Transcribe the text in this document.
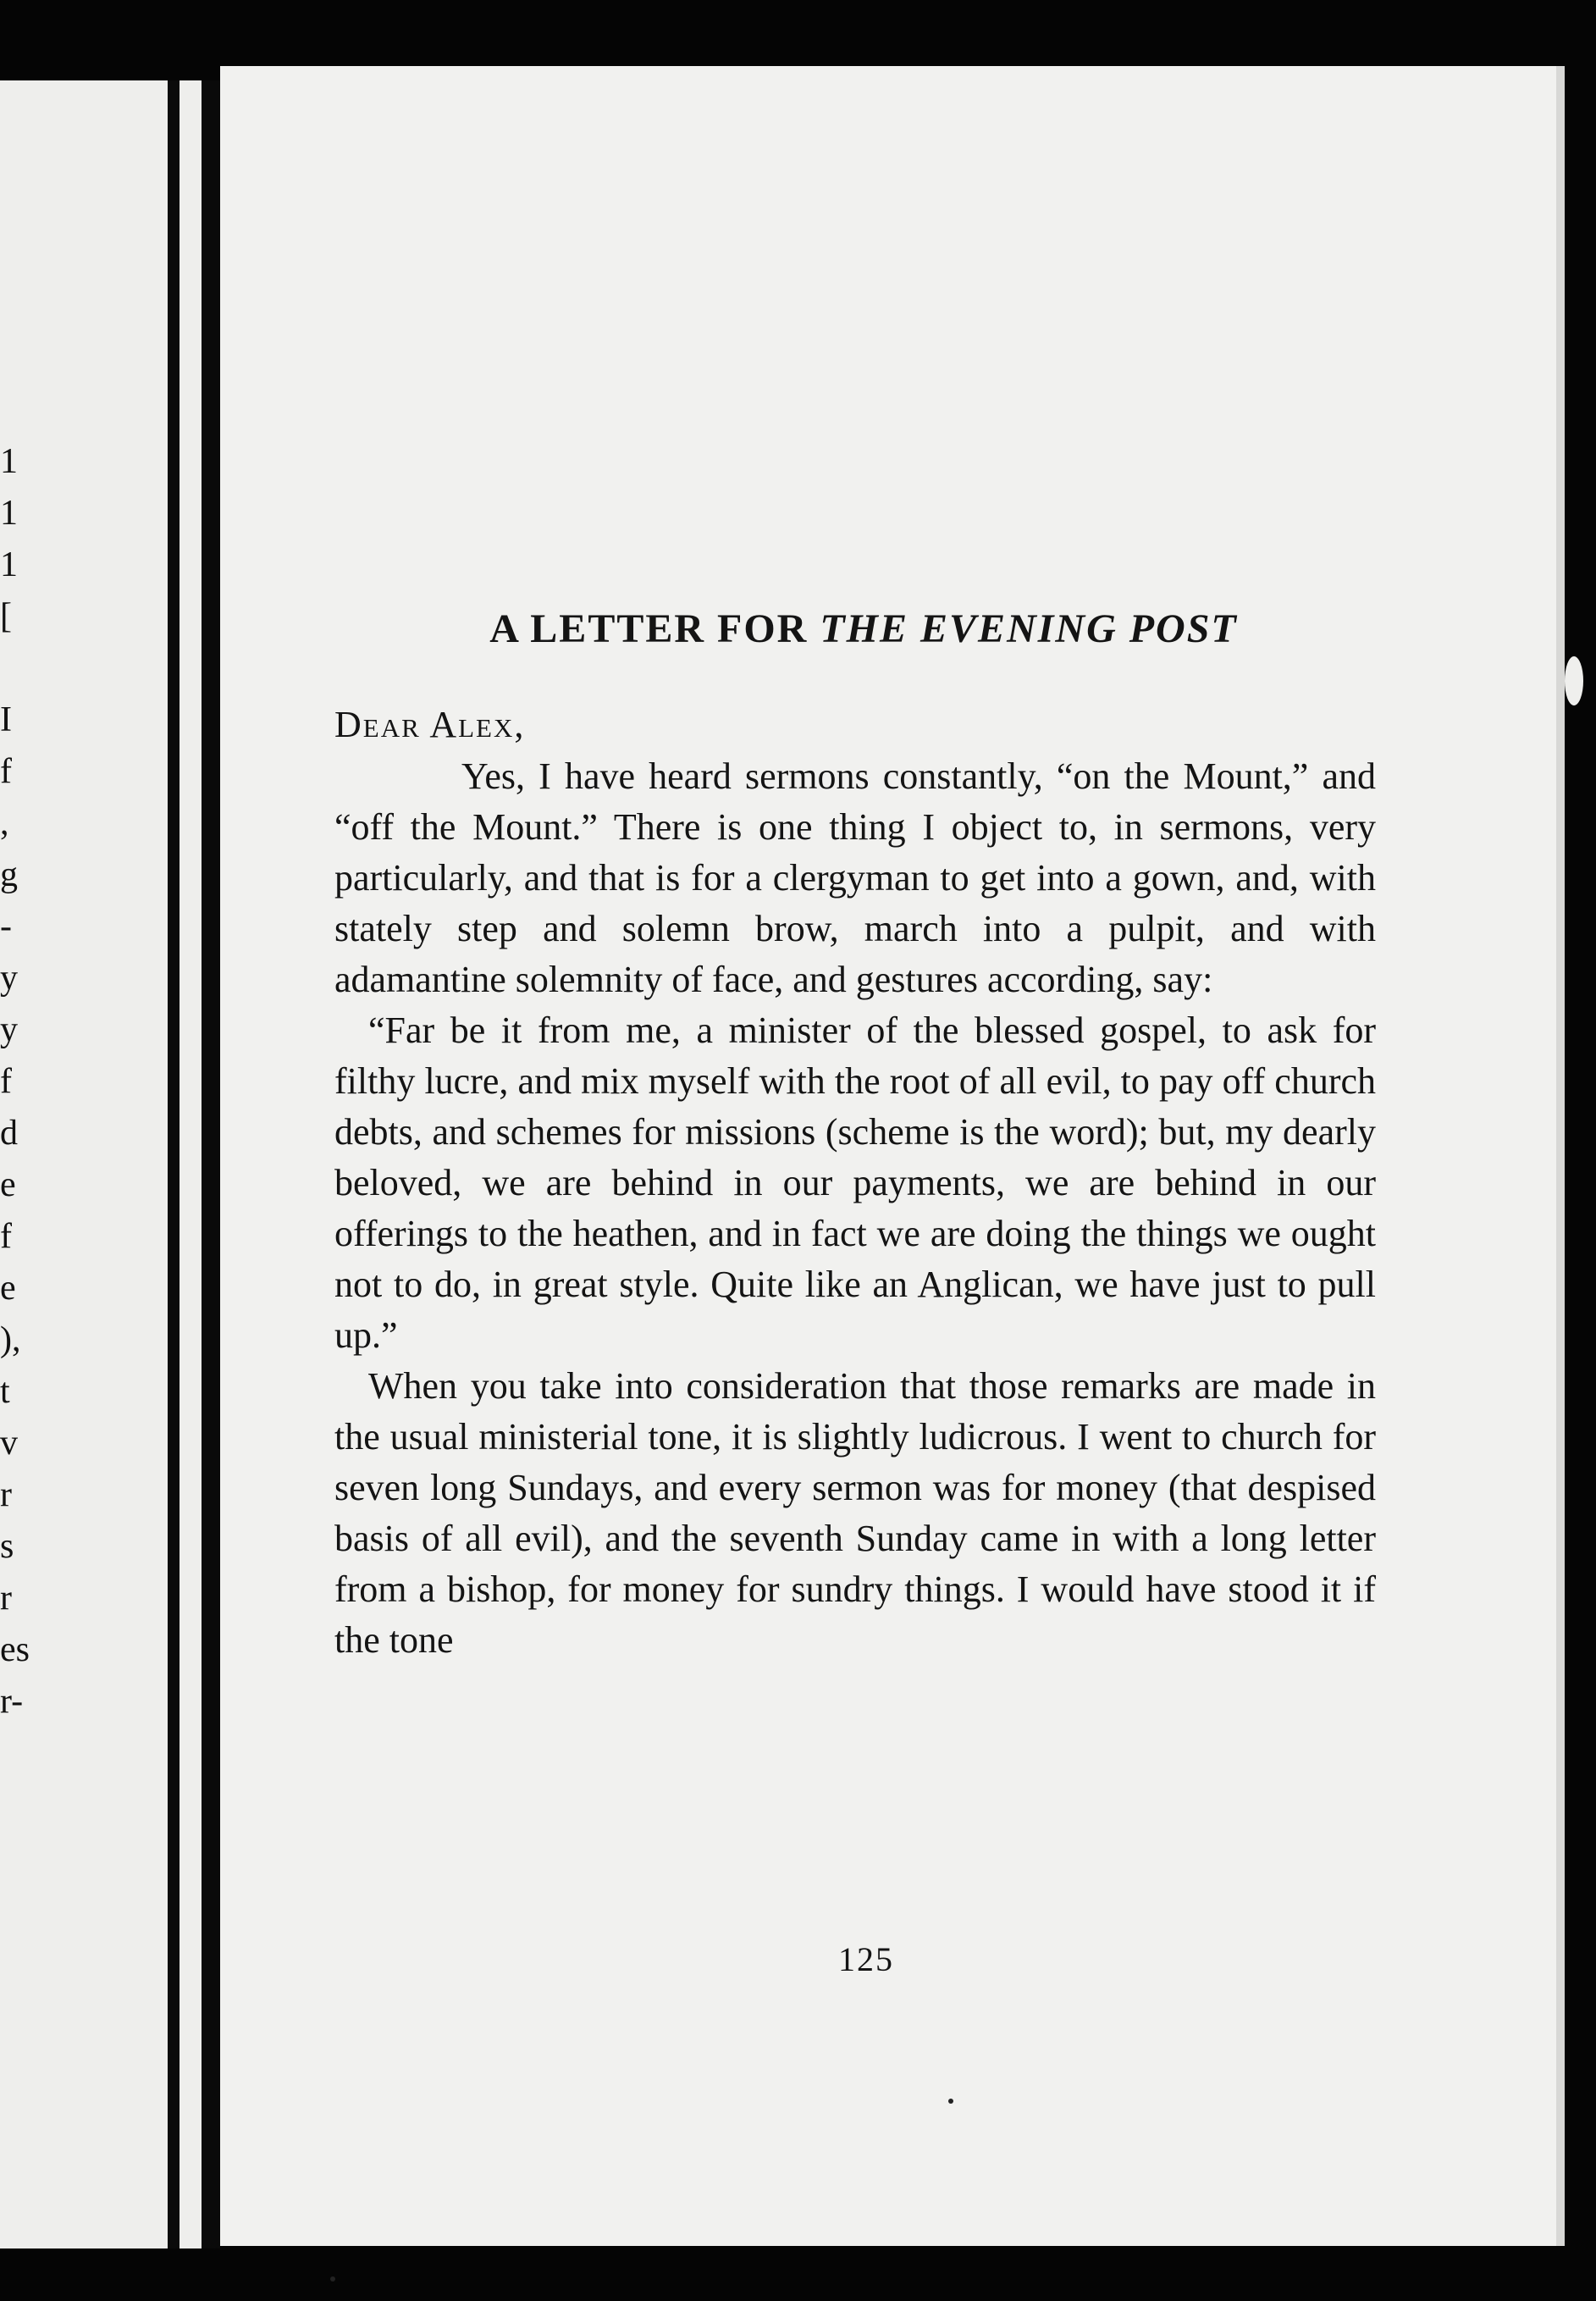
1
1
1
[
I
f
,
g
-
y
y
f
d
e
f
e
),
t
v
r
s
r
es
r-
A LETTER FOR THE EVENING POST

Dear Alex,

Yes, I have heard sermons constantly, “on the Mount,” and “off the Mount.” There is one thing I object to, in sermons, very particularly, and that is for a clergyman to get into a gown, and, with stately step and solemn brow, march into a pulpit, and with adamantine solemnity of face, and gestures according, say:

“Far be it from me, a minister of the blessed gospel, to ask for filthy lucre, and mix myself with the root of all evil, to pay off church debts, and schemes for missions (scheme is the word); but, my dearly beloved, we are behind in our payments, we are behind in our offerings to the heathen, and in fact we are doing the things we ought not to do, in great style. Quite like an Anglican, we have just to pull up.”

When you take into consideration that those remarks are made in the usual ministerial tone, it is slightly ludicrous. I went to church for seven long Sundays, and every sermon was for money (that despised basis of all evil), and the seventh Sunday came in with a long letter from a bishop, for money for sundry things. I would have stood it if the tone

125
